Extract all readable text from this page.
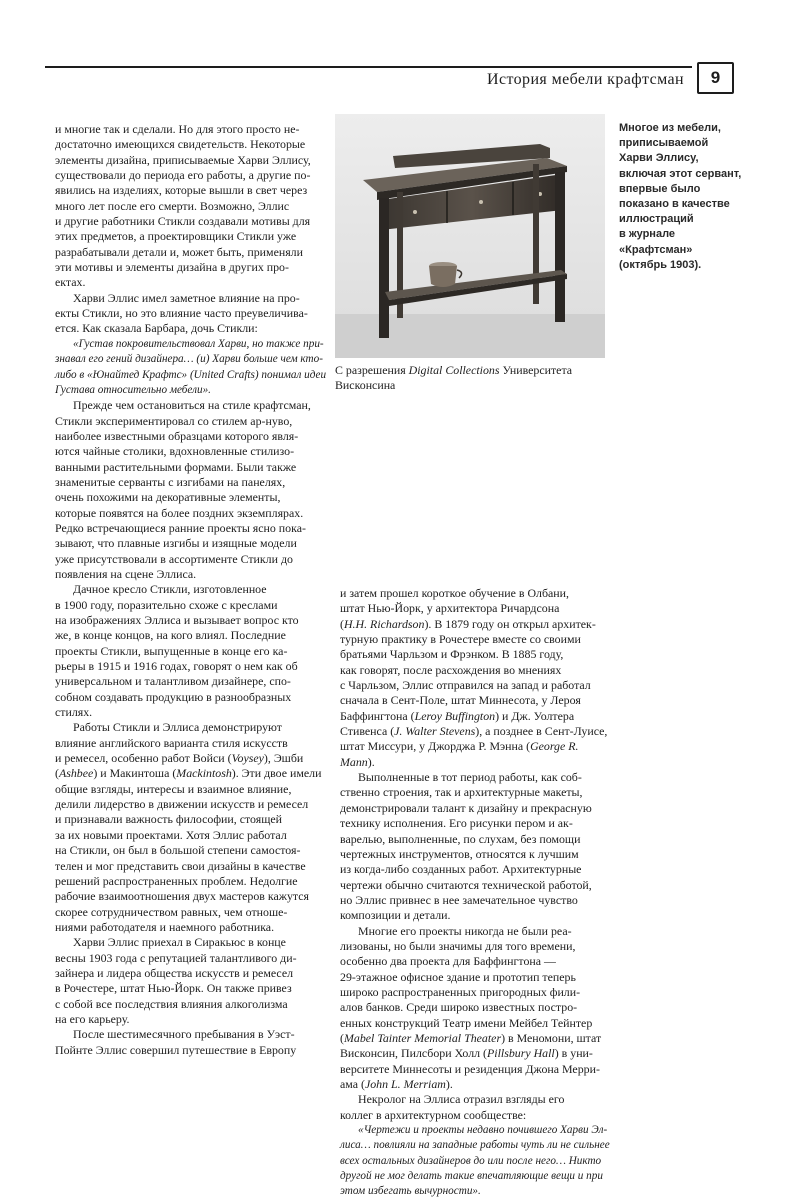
История мебели крафтсман 9
С разрешения Digital Collections Университета
Висконсина
Многое из мебели,
приписываемой
Харви Эллису,
включая этот сервант,
впервые было
показано в качестве
иллюстраций
в журнале
«Крафтсман»
(октябрь 1903).
и многие так и сделали. Но для этого просто не-
достаточно имеющихся свидетельств. Некоторые
элементы дизайна, приписываемые Харви Эллису,
существовали до периода его работы, а другие по-
явились на изделиях, которые вышли в свет через
много лет после его смерти. Возможно, Эллис
и другие работники Стикли создавали мотивы для
этих предметов, а проектировщики Стикли уже
разрабатывали детали и, может быть, применяли
эти мотивы и элементы дизайна в других про-
ектах.
Харви Эллис имел заметное влияние на про-
екты Стикли, но это влияние часто преувеличива-
ется. Как сказала Барбара, дочь Стикли:
«Густав покровительствовал Харви, но также при-
знавал его гений дизайнера… (и) Харви больше чем кто-
либо в «Юнайтед Крафтс» (United Crafts) понимал идеи
Густава относительно мебели».
Прежде чем остановиться на стиле крафтсман,
Стикли экспериментировал со стилем ар-нуво,
наиболее известными образцами которого явля-
ются чайные столики, вдохновленные стилизо-
ванными растительными формами. Были также
знаменитые серванты с изгибами на панелях,
очень похожими на декоративные элементы,
которые появятся на более поздних экземплярах.
Редко встречающиеся ранние проекты ясно пока-
зывают, что плавные изгибы и изящные модели
уже присутствовали в ассортименте Стикли до
появления на сцене Эллиса.
Дачное кресло Стикли, изготовленное
в 1900 году, поразительно схоже с креслами
на изображениях Эллиса и вызывает вопрос кто
же, в конце концов, на кого влиял. Последние
проекты Стикли, выпущенные в конце его ка-
рьеры в 1915 и 1916 годах, говорят о нем как об
универсальном и талантливом дизайнере, спо-
собном создавать продукцию в разнообразных
стилях.
Работы Стикли и Эллиса демонстрируют
влияние английского варианта стиля искусств
и ремесел, особенно работ Войси (Voysey), Эшби
(Ashbee) и Макинтоша (Mackintosh). Эти двое имели
общие взгляды, интересы и взаимное влияние,
делили лидерство в движении искусств и ремесел
и признавали важность философии, стоящей
за их новыми проектами. Хотя Эллис работал
на Стикли, он был в большой степени самостоя-
телен и мог представить свои дизайны в качестве
решений распространенных проблем. Недолгие
рабочие взаимоотношения двух мастеров кажутся
скорее сотрудничеством равных, чем отноше-
ниями работодателя и наемного работника.
Харви Эллис приехал в Сиракьюс в конце
весны 1903 года с репутацией талантливого ди-
зайнера и лидера общества искусств и ремесел
в Рочестере, штат Нью-Йорк. Он также привез
с собой все последствия влияния алкоголизма
на его карьеру.
После шестимесячного пребывания в Уэст-
Пойнте Эллис совершил путешествие в Европу
и затем прошел короткое обучение в Олбани,
штат Нью-Йорк, у архитектора Ричардсона
(H.H. Richardson). В 1879 году он открыл архитек-
турную практику в Рочестере вместе со своими
братьями Чарльзом и Фрэнком. В 1885 году,
как говорят, после расхождения во мнениях
с Чарльзом, Эллис отправился на запад и работал
сначала в Сент-Поле, штат Миннесота, у Лероя
Баффингтона (Leroy Buffington) и Дж. Уолтера
Стивенса (J. Walter Stevens), а позднее в Сент-Луисе,
штат Миссури, у Джорджа Р. Мэнна (George R.
Mann).
Выполненные в тот период работы, как соб-
ственно строения, так и архитектурные макеты,
демонстрировали талант к дизайну и прекрасную
технику исполнения. Его рисунки пером и ак-
варелью, выполненные, по слухам, без помощи
чертежных инструментов, относятся к лучшим
из когда-либо созданных работ. Архитектурные
чертежи обычно считаются технической работой,
но Эллис привнес в нее замечательное чувство
композиции и детали.
Многие его проекты никогда не были реа-
лизованы, но были значимы для того времени,
особенно два проекта для Баффингтона —
29-этажное офисное здание и прототип теперь
широко распространенных пригородных фили-
алов банков. Среди широко известных постро-
енных конструкций Театр имени Мейбел Тейнтер
(Mabel Tainter Memorial Theater) в Меномони, штат
Висконсин, Пилсбори Холл (Pillsbury Hall) в уни-
верситете Миннесоты и резиденция Джона Мерри-
ама (John L. Merriam).
Некролог на Эллиса отразил взгляды его
коллег в архитектурном сообществе:
«Чертежи и проекты недавно почившего Харви Эл-
лиса… повлияли на западные работы чуть ли не сильнее
всех остальных дизайнеров до или после него… Никто
другой не мог делать такие впечатляющие вещи и при
этом избегать вычурности».
